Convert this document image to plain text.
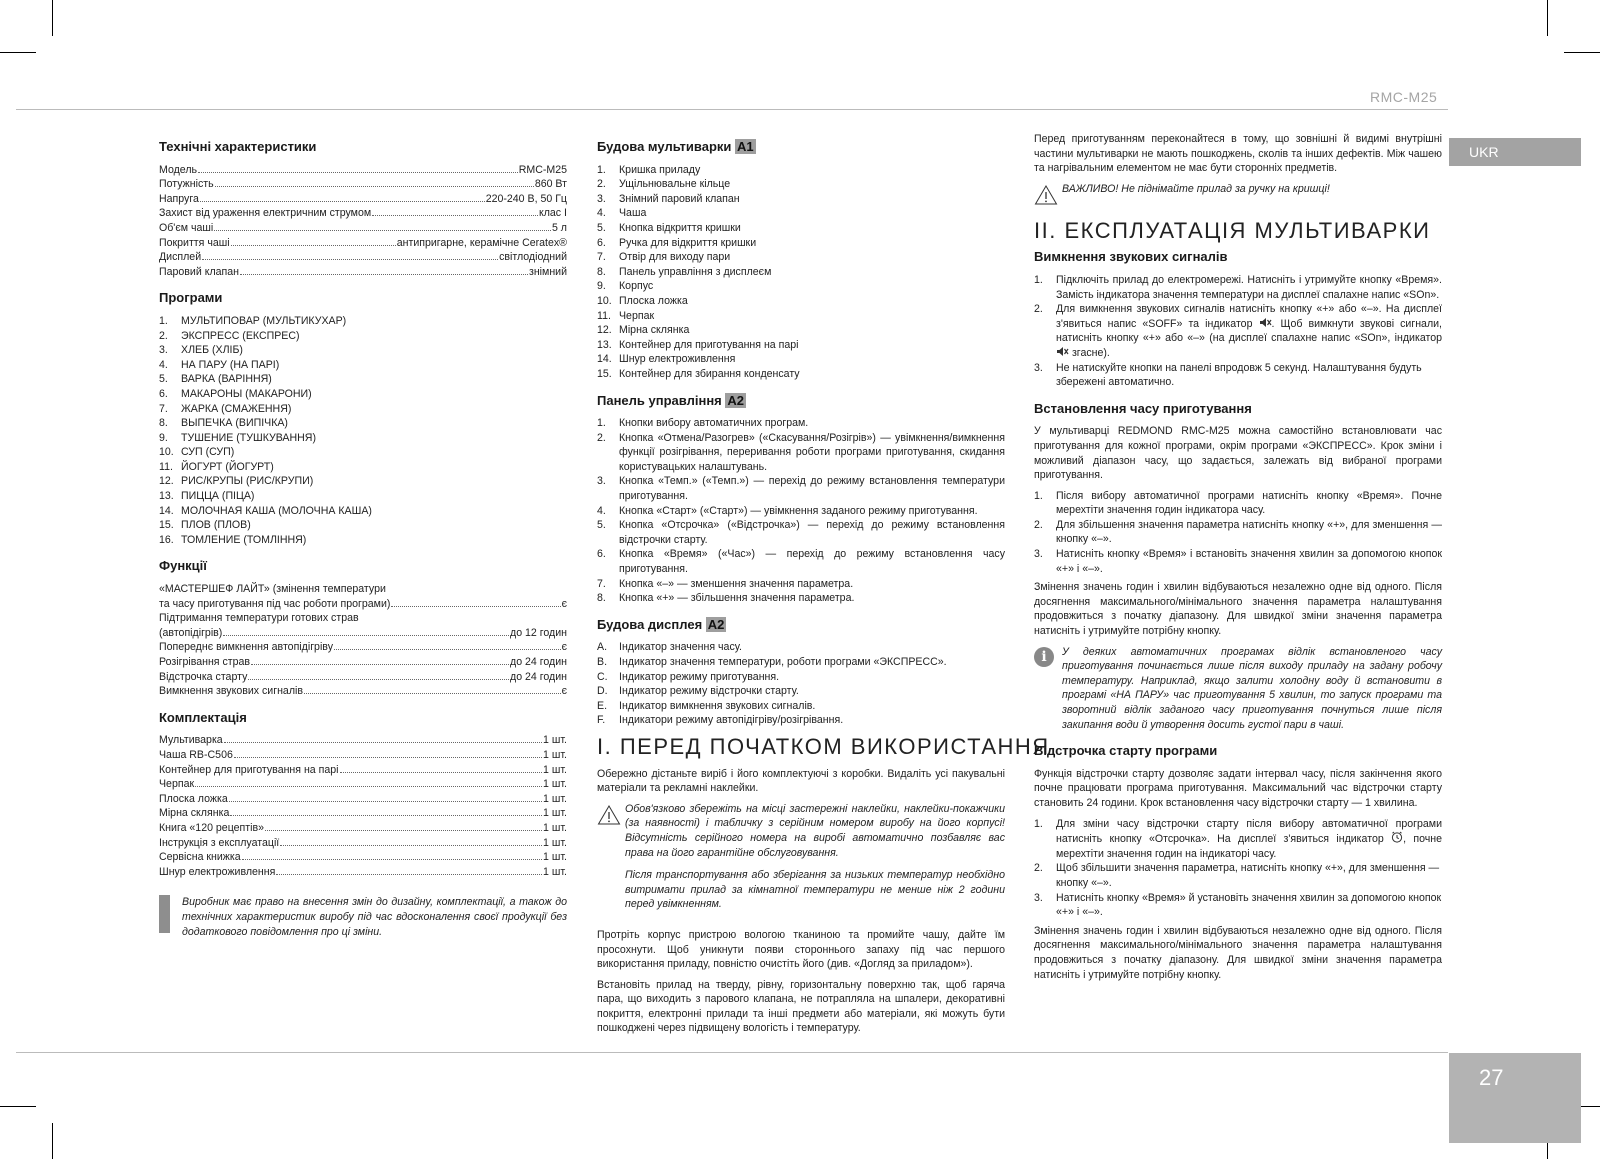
RMC-M25
UKR
27
Технічні характеристики
Модель	RMC-M25
Потужність	860 Вт
Напруга	220-240 В, 50 Гц
Захист від ураження електричним струмом	клас I
Об'єм чаші	5 л
Покриття чаші	антипригарне, керамічне Ceratex®
Дисплей	світлодіодний
Паровий клапан	знімний
Програми
1.	МУЛЬТИПОВАР (МУЛЬТИКУХАР)
2.	ЭКСПРЕСС (ЕКСПРЕС)
3.	ХЛЕБ (ХЛІБ)
4.	НА ПАРУ (НА ПАРІ)
5.	ВАРКА (ВАРІННЯ)
6.	МАКАРОНЫ (МАКАРОНИ)
7.	ЖАРКА (СМАЖЕННЯ)
8.	ВЫПЕЧКА (ВИПІЧКА)
9.	ТУШЕНИЕ (ТУШКУВАННЯ)
10. СУП (СУП)
11. ЙОГУРТ (ЙОГУРТ)
12. РИС/КРУПЫ (РИС/КРУПИ)
13. ПИЦЦА (ПІЦА)
14. МОЛОЧНАЯ КАША (МОЛОЧНА КАША)
15. ПЛОВ (ПЛОВ)
16. ТОМЛЕНИЕ (ТОМЛІННЯ)
Функції
«МАСТЕРШЕФ ЛАЙТ» (змінення температури
та часу приготування під час роботи програми)	є
Підтримання температури готових страв
(автопідігрів)	до 12 годин
Попереднє вимкнення автопідігріву	є
Розігрівання страв	до 24 годин
Відстрочка старту	до 24 годин
Вимкнення звукових сигналів	є
Комплектація
Мультиварка	1 шт.
Чаша RB-C506	1 шт.
Контейнер для приготування на парі	1 шт.
Черпак	1 шт.
Плоска ложка	1 шт.
Мірна склянка	1 шт.
Книга «120 рецептів»	1 шт.
Інструкція з експлуатації	1 шт.
Сервісна книжка	1 шт.
Шнур електроживлення	1 шт.
Виробник має право на внесення змін до дизайну, комплектації, а також до технічних характеристик виробу під час вдосконалення своєї продукції без додаткового повідомлення про ці зміни.
Будова мультиварки A1
1.	Кришка приладу
2.	Ущільнювальне кільце
3.	Знімний паровий клапан
4.	Чаша
5.	Кнопка відкриття кришки
6.	Ручка для відкриття кришки
7.	Отвір для виходу пари
8.	Панель управління з дисплеєм
9.	Корпус
10. Плоска ложка
11. Черпак
12. Мірна склянка
13. Контейнер для приготування на парі
14. Шнур електроживлення
15. Контейнер для збирання конденсату
Панель управління A2
1.	Кнопки вибору автоматичних програм.
2.	Кнопка «Отмена/Разогрев» («Скасування/Розігрів») — увімкнення/вимкнення функції розігрівання, переривання роботи програми приготування, скидання користувацьких налаштувань.
3.	Кнопка «Темп.» («Темп.») — перехід до режиму встановлення температури приготування.
4.	Кнопка «Старт» («Старт») — увімкнення заданого режиму приготування.
5.	Кнопка «Отсрочка» («Відстрочка») — перехід до режиму встановлення відстрочки старту.
6.	Кнопка «Время» («Час») — перехід до режиму встановлення часу приготування.
7.	Кнопка «–» — зменшення значення параметра.
8.	Кнопка «+» — збільшення значення параметра.
Будова дисплея A2
A.	Індикатор значення часу.
B.	Індикатор значення температури, роботи програми «ЭКСПРЕСС».
C.	Індикатор режиму приготування.
D.	Індикатор режиму відстрочки старту.
E.	Індикатор вимкнення звукових сигналів.
F.	Індикатори режиму автопідігріву/розігрівання.
I. ПЕРЕД ПОЧАТКОМ ВИКОРИСТАННЯ

Обережно дістаньте виріб і його комплектуючі з коробки. Видаліть усі пакувальні матеріали та рекламні наклейки.

Обов'язково збережіть на місці застережні наклейки, наклейки-покажчики (за наявності) і табличку з серійним номером виробу на його корпусі! Відсутність серійного номера на виробі автоматично позбавляє вас права на його гарантійне обслуговування.

Після транспортування або зберігання за низьких температур необхідно витримати прилад за кімнатної температури не менше ніж 2 години перед увімкненням.

Протріть корпус пристрою вологою тканиною та промийте чашу, дайте їм просохнути. Щоб уникнути появи стороннього запаху під час першого використання приладу, повністю очистіть його (див. «Догляд за приладом»).

Встановіть прилад на тверду, рівну, горизонтальну поверхню так, щоб гаряча пара, що виходить з парового клапана, не потрапляла на шпалери, декоративні покриття, електронні прилади та інші предмети або матеріали, які можуть бути пошкоджені через підвищену вологість і температуру.

Перед приготуванням переконайтеся в тому, що зовнішні й видимі внутрішні частини мультиварки не мають пошкоджень, сколів та інших дефектів. Між чашею та нагрівальним елементом не має бути сторонніх предметів.

ВАЖЛИВО! Не піднімайте прилад за ручку на кришці!
II. ЕКСПЛУАТАЦІЯ МУЛЬТИВАРКИ
Вимкнення звукових сигналів
1.	Підключіть прилад до електромережі. Натисніть і утримуйте кнопку «Время». Замість індикатора значення температури на дисплеї спалахне напис «SOn».
2.	Для вимкнення звукових сигналів натисніть кнопку «+» або «–». На дисплеї з'явиться напис «SOFF» та індикатор . Щоб вимкнути звукові сигнали, натисніть кнопку «+» або «–» (на дисплеї спалахне напис «SOn», індикатор  згасне).
3.	Не натискуйте кнопки на панелі впродовж 5 секунд. Налаштування будуть збережені автоматично.
Встановлення часу приготування

У мультиварці REDMOND RMC-M25 можна самостійно встановлювати час приготування для кожної програми, окрім програми «ЭКСПРЕСС». Крок зміни і можливий діапазон часу, що задається, залежать від вибраної програми приготування.

1.	Після вибору автоматичної програми натисніть кнопку «Время». Почне мерехтіти значення годин індикатора часу.
2.	Для збільшення значення параметра натисніть кнопку «+», для зменшення — кнопку «–».
3.	Натисніть кнопку «Время» і встановіть значення хвилин за допомогою кнопок «+» і «–».

Змінення значень годин і хвилин відбуваються незалежно одне від одного. Після досягнення максимального/мінімального значення параметра налаштування продовжиться з початку діапазону. Для швидкої зміни значення параметра натисніть і утримуйте потрібну кнопку.

i	У деяких автоматичних програмах відлік встановленого часу приготування починається лише після виходу приладу на задану робочу температуру. Наприклад, якщо залити холодну воду й встановити в програмі «НА ПАРУ» час приготування 5 хвилин, то запуск програми та зворотний відлік заданого часу приготування почнуться лише після закипання води й утворення досить густої пари в чаші.
Відстрочка старту програми

Функція відстрочки старту дозволяє задати інтервал часу, після закінчення якого почне працювати програма приготування. Максимальний час відстрочки старту становить 24 години. Крок встановлення часу відстрочки старту — 1 хвилина.

1.	Для зміни часу відстрочки старту після вибору автоматичної програми натисніть кнопку «Отсрочка». На дисплеї з'явиться індикатор , почне мерехтіти значення годин на індикаторі часу.
2.	Щоб збільшити значення параметра, натисніть кнопку «+», для зменшення — кнопку «–».
3.	Натисніть кнопку «Время» й установіть значення хвилин за допомогою кнопок «+» і «–».

Змінення значень годин і хвилин відбуваються незалежно одне від одного. Після досягнення максимального/мінімального значення параметра налаштування продовжиться з початку діапазону. Для швидкої зміни значення параметра натисніть і утримуйте потрібну кнопку.
